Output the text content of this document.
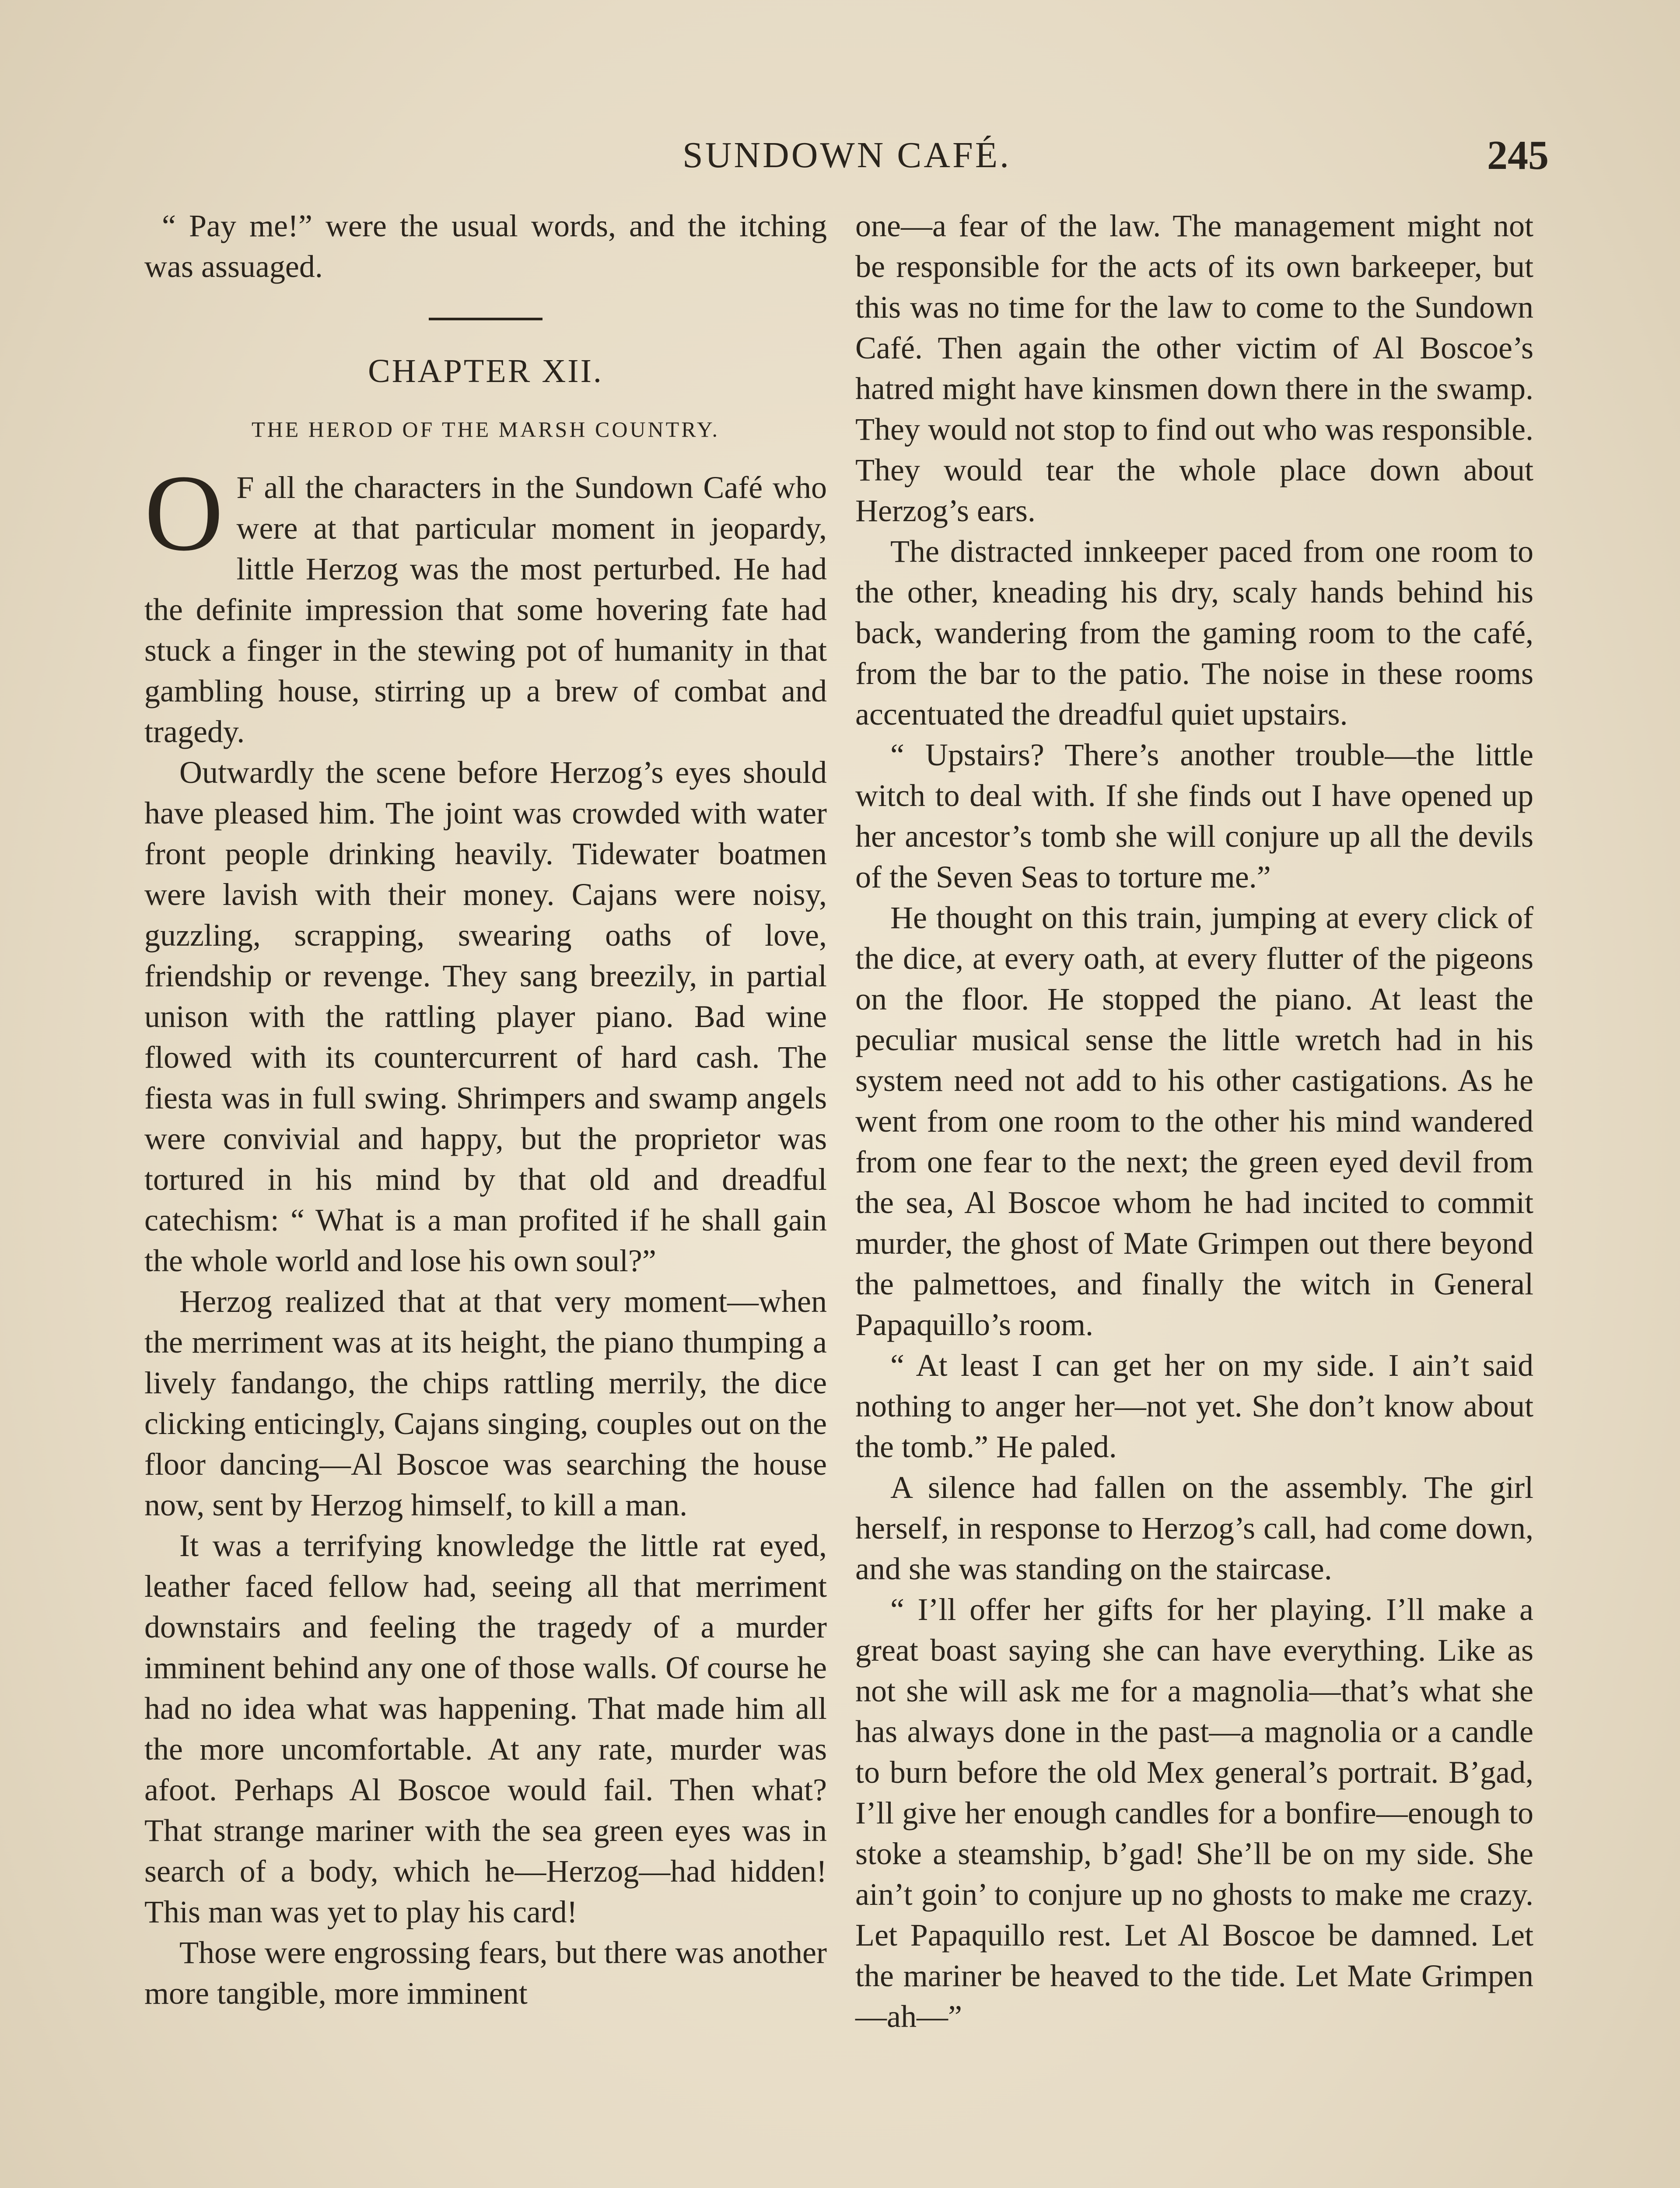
SUNDOWN CAFÉ.	245

“ Pay me!” were the usual words, and the itching was assuaged.

CHAPTER XII.
THE HEROD OF THE MARSH COUNTRY.

O F all the characters in the Sundown Café who were at that particular moment in jeopardy, little Herzog was the most perturbed. He had the definite impression that some hovering fate had stuck a finger in the stewing pot of humanity in that gambling house, stirring up a brew of combat and tragedy.

Outwardly the scene before Herzog’s eyes should have pleased him. The joint was crowded with water front people drinking heavily. Tidewater boatmen were lavish with their money. Cajans were noisy, guzzling, scrapping, swearing oaths of love, friendship or revenge. They sang breezily, in partial unison with the rattling player piano. Bad wine flowed with its countercurrent of hard cash. The fiesta was in full swing. Shrimpers and swamp angels were convivial and happy, but the proprietor was tortured in his mind by that old and dreadful catechism: “ What is a man profited if he shall gain the whole world and lose his own soul?”

Herzog realized that at that very moment—when the merriment was at its height, the piano thumping a lively fandango, the chips rattling merrily, the dice clicking enticingly, Cajans singing, couples out on the floor dancing—Al Boscoe was searching the house now, sent by Herzog himself, to kill a man.

It was a terrifying knowledge the little rat eyed, leather faced fellow had, seeing all that merriment downstairs and feeling the tragedy of a murder imminent behind any one of those walls. Of course he had no idea what was happening. That made him all the more uncomfortable. At any rate, murder was afoot. Perhaps Al Boscoe would fail. Then what? That strange mariner with the sea green eyes was in search of a body, which he—Herzog—had hidden! This man was yet to play his card!

Those were engrossing fears, but there was another more tangible, more imminent

one—a fear of the law. The management might not be responsible for the acts of its own barkeeper, but this was no time for the law to come to the Sundown Café. Then again the other victim of Al Boscoe’s hatred might have kinsmen down there in the swamp. They would not stop to find out who was responsible. They would tear the whole place down about Herzog’s ears.

The distracted innkeeper paced from one room to the other, kneading his dry, scaly hands behind his back, wandering from the gaming room to the café, from the bar to the patio. The noise in these rooms accentuated the dreadful quiet upstairs.

“ Upstairs? There’s another trouble—the little witch to deal with. If she finds out I have opened up her ancestor’s tomb she will conjure up all the devils of the Seven Seas to torture me.”

He thought on this train, jumping at every click of the dice, at every oath, at every flutter of the pigeons on the floor. He stopped the piano. At least the peculiar musical sense the little wretch had in his system need not add to his other castigations. As he went from one room to the other his mind wandered from one fear to the next; the green eyed devil from the sea, Al Boscoe whom he had incited to commit murder, the ghost of Mate Grimpen out there beyond the palmettoes, and finally the witch in General Papaquillo’s room.

“ At least I can get her on my side. I ain’t said nothing to anger her—not yet. She don’t know about the tomb.” He paled.

A silence had fallen on the assembly. The girl herself, in response to Herzog’s call, had come down, and she was standing on the staircase.

“ I’ll offer her gifts for her playing. I’ll make a great boast saying she can have everything. Like as not she will ask me for a magnolia—that’s what she has always done in the past—a magnolia or a candle to burn before the old Mex general’s portrait. B’gad, I’ll give her enough candles for a bonfire—enough to stoke a steamship, b’gad! She’ll be on my side. She ain’t goin’ to conjure up no ghosts to make me crazy. Let Papaquillo rest. Let Al Boscoe be damned. Let the mariner be heaved to the tide. Let Mate Grimpen—ah—”
